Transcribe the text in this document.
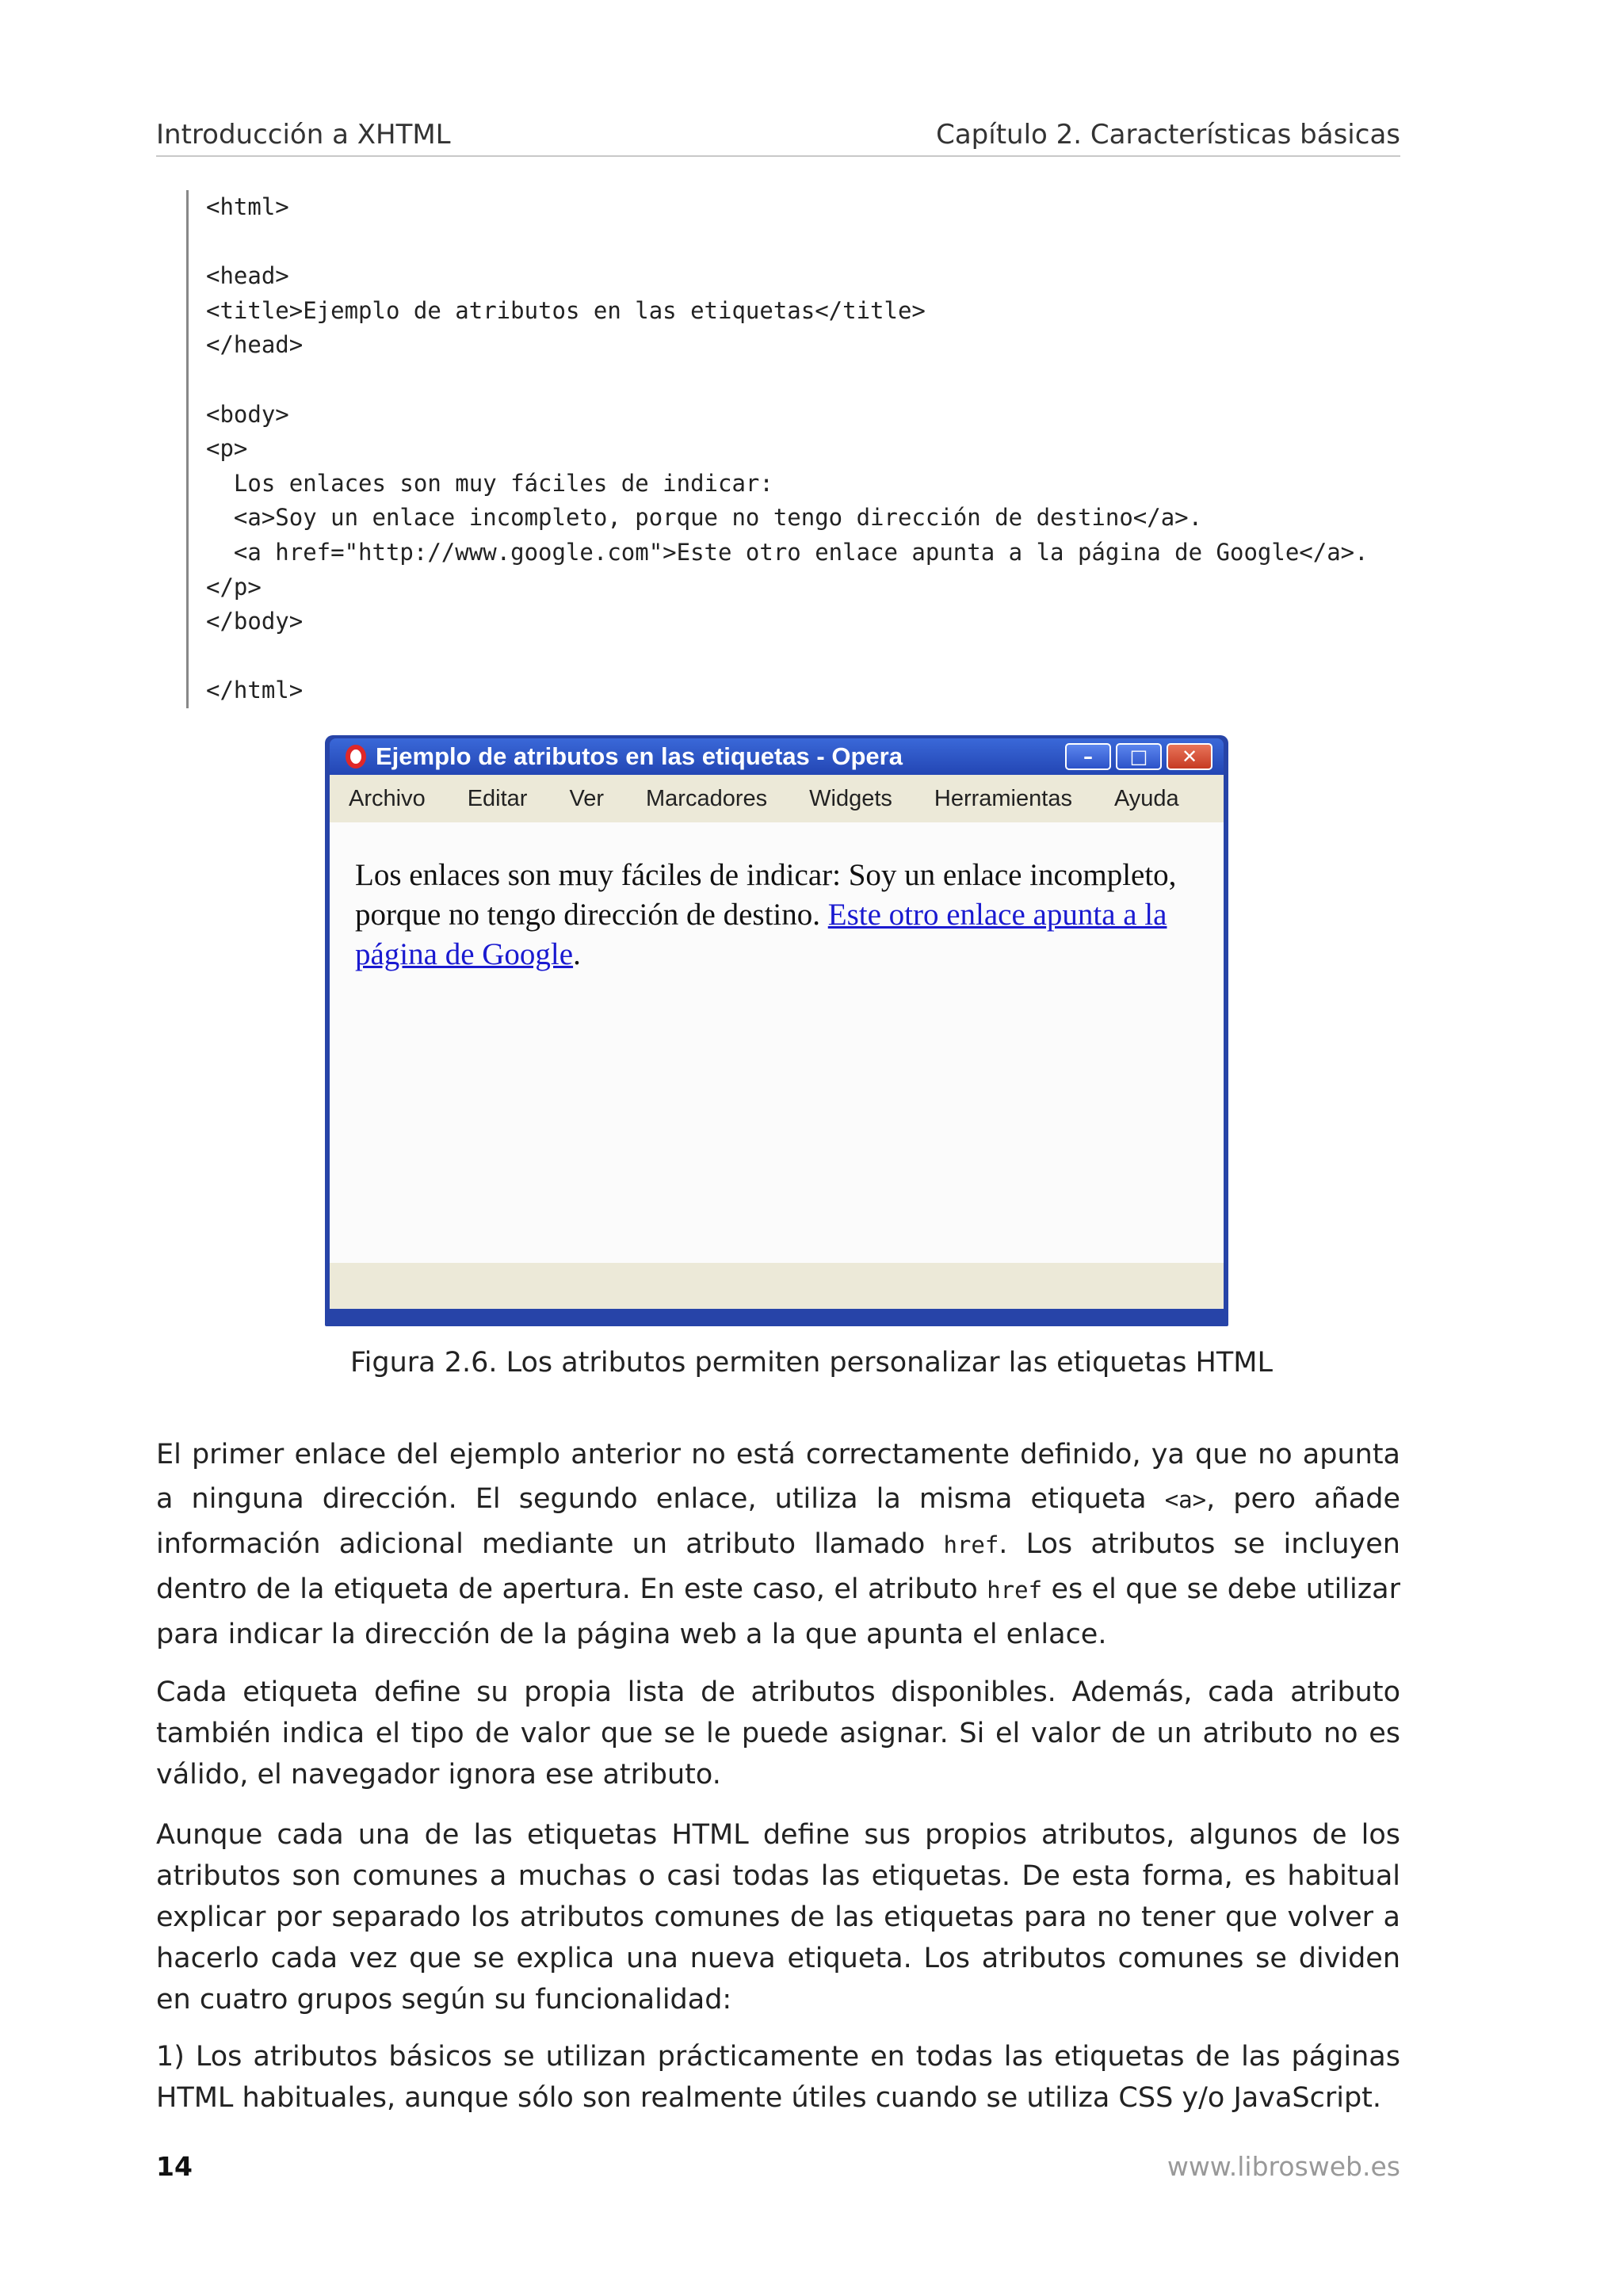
Introducción a XHTML	Capítulo 2. Características básicas
<html>
<head>
<title>Ejemplo de atributos en las etiquetas</title>
</head>
<body>
<p>
Los enlaces son muy fáciles de indicar:
<a>Soy un enlace incompleto, porque no tengo dirección de destino</a>.
<a href="http://www.google.com">Este otro enlace apunta a la página de Google</a>.
</p>
</body>
</html>
Ejemplo de atributos en las etiquetas - Opera	–	□	✕
Archivo Editar Ver Marcadores Widgets Herramientas Ayuda

Los enlaces son muy fáciles de indicar: Soy un enlace incompleto, porque no tengo dirección de destino. Este otro enlace apunta a la página de Google.

Figura 2.6. Los atributos permiten personalizar las etiquetas HTML

El primer enlace del ejemplo anterior no está correctamente definido, ya que no apunta a ninguna dirección. El segundo enlace, utiliza la misma etiqueta <a>, pero añade información adicional mediante un atributo llamado href. Los atributos se incluyen dentro de la etiqueta de apertura. En este caso, el atributo href es el que se debe utilizar para indicar la dirección de la página web a la que apunta el enlace.

Cada etiqueta define su propia lista de atributos disponibles. Además, cada atributo también indica el tipo de valor que se le puede asignar. Si el valor de un atributo no es válido, el navegador ignora ese atributo.

Aunque cada una de las etiquetas HTML define sus propios atributos, algunos de los atributos son comunes a muchas o casi todas las etiquetas. De esta forma, es habitual explicar por separado los atributos comunes de las etiquetas para no tener que volver a hacerlo cada vez que se explica una nueva etiqueta. Los atributos comunes se dividen en cuatro grupos según su funcionalidad:

1) Los atributos básicos se utilizan prácticamente en todas las etiquetas de las páginas HTML habituales, aunque sólo son realmente útiles cuando se utiliza CSS y/o JavaScript.

14	www.librosweb.es
